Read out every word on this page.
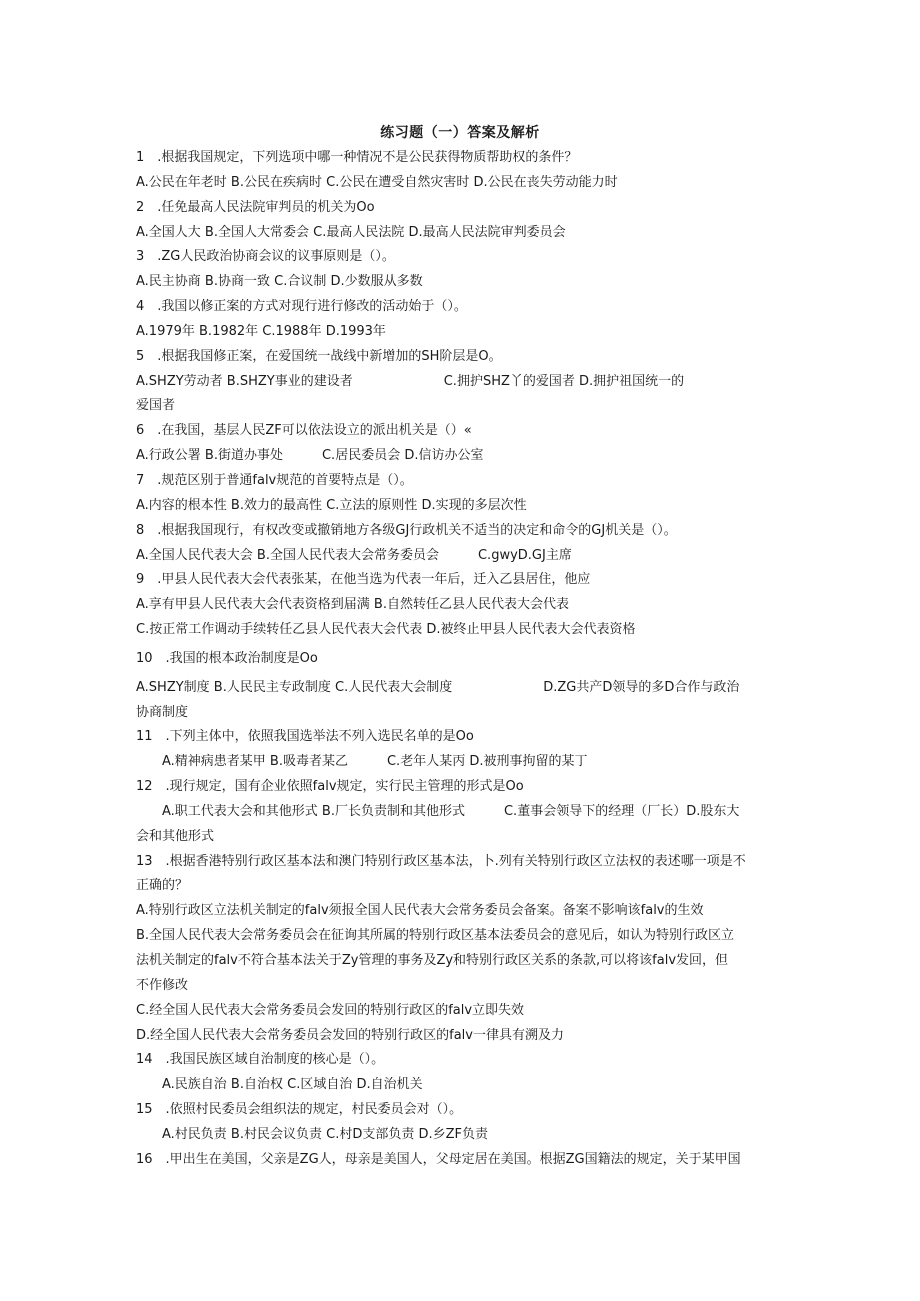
练习题（一）答案及解析
1　.根据我国规定，下列选项中哪一种情况不是公民获得物质帮助权的条件？
A.公民在年老时 B.公民在疾病时 C.公民在遭受自然灾害时 D.公民在丧失劳动能力时
2　.任免最高人民法院审判员的机关为Oo
A.全国人大 B.全国人大常委会 C.最高人民法院 D.最高人民法院审判委员会
3　.ZG人民政治协商会议的议事原则是（）。
A.民主协商 B.协商一致 C.合议制 D.少数服从多数
4　.我国以修正案的方式对现行进行修改的活动始于（）。
A.1979年 B.1982年 C.1988年 D.1993年
5　.根据我国修正案，在爱国统一战线中新增加的SH阶层是O。
A.SHZY劳动者 B.SHZY事业的建设者　　　　　　　C.拥护SHZ丫的爱国者 D.拥护祖国统一的
爱国者
6　.在我国，基层人民ZF可以依法设立的派出机关是（）«
A.行政公署 B.街道办事处　　　C.居民委员会 D.信访办公室
7　.规范区别于普通falv规范的首要特点是（）。
A.内容的根本性 B.效力的最高性 C.立法的原则性 D.实现的多层次性
8　.根据我国现行，有权改变或撤销地方各级GJ行政机关不适当的决定和命令的GJ机关是（）。
A.全国人民代表大会 B.全国人民代表大会常务委员会　　　C.gwyD.GJ主席
9　.甲县人民代表大会代表张某，在他当选为代表一年后，迁入乙县居住，他应
A.享有甲县人民代表大会代表资格到届满 B.自然转任乙县人民代表大会代表
C.按正常工作调动手续转任乙县人民代表大会代表 D.被终止甲县人民代表大会代表资格
10　.我国的根本政治制度是Oo
A.SHZY制度 B.人民民主专政制度 C.人民代表大会制度　　　　　　　D.ZG共产D领导的多D合作与政治
协商制度
11　.下列主体中，依照我国选举法不列入选民名单的是Oo
A.精神病患者某甲 B.吸毒者某乙　　　C.老年人某丙 D.被刑事拘留的某丁
12　.现行规定，国有企业依照falv规定，实行民主管理的形式是Oo
A.职工代表大会和其他形式 B.厂长负责制和其他形式　　　C.董事会领导下的经理（厂长）D.股东大
会和其他形式
13　.根据香港特别行政区基本法和澳门特别行政区基本法，卜.列有关特别行政区立法权的表述哪一项是不
正确的？
A.特别行政区立法机关制定的falv须报全国人民代表大会常务委员会备案。备案不影响该falv的生效
B.全国人民代表大会常务委员会在征询其所属的特别行政区基本法委员会的意见后，如认为特别行政区立
法机关制定的falv不符合基本法关于Zy管理的事务及Zy和特别行政区关系的条款,可以将该falv发回，但
不作修改
C.经全国人民代表大会常务委员会发回的特别行政区的falv立即失效
D.经全国人民代表大会常务委员会发回的特别行政区的falv一律具有溯及力
14　.我国民族区域自治制度的核心是（）。
A.民族自治 B.自治权 C.区域自治 D.自治机关
15　.依照村民委员会组织法的规定，村民委员会对（）。
A.村民负责 B.村民会议负责 C.村D支部负责 D.乡ZF负责
16　.甲出生在美国，父亲是ZG人，母亲是美国人，父母定居在美国。根据ZG国籍法的规定，关于某甲国
